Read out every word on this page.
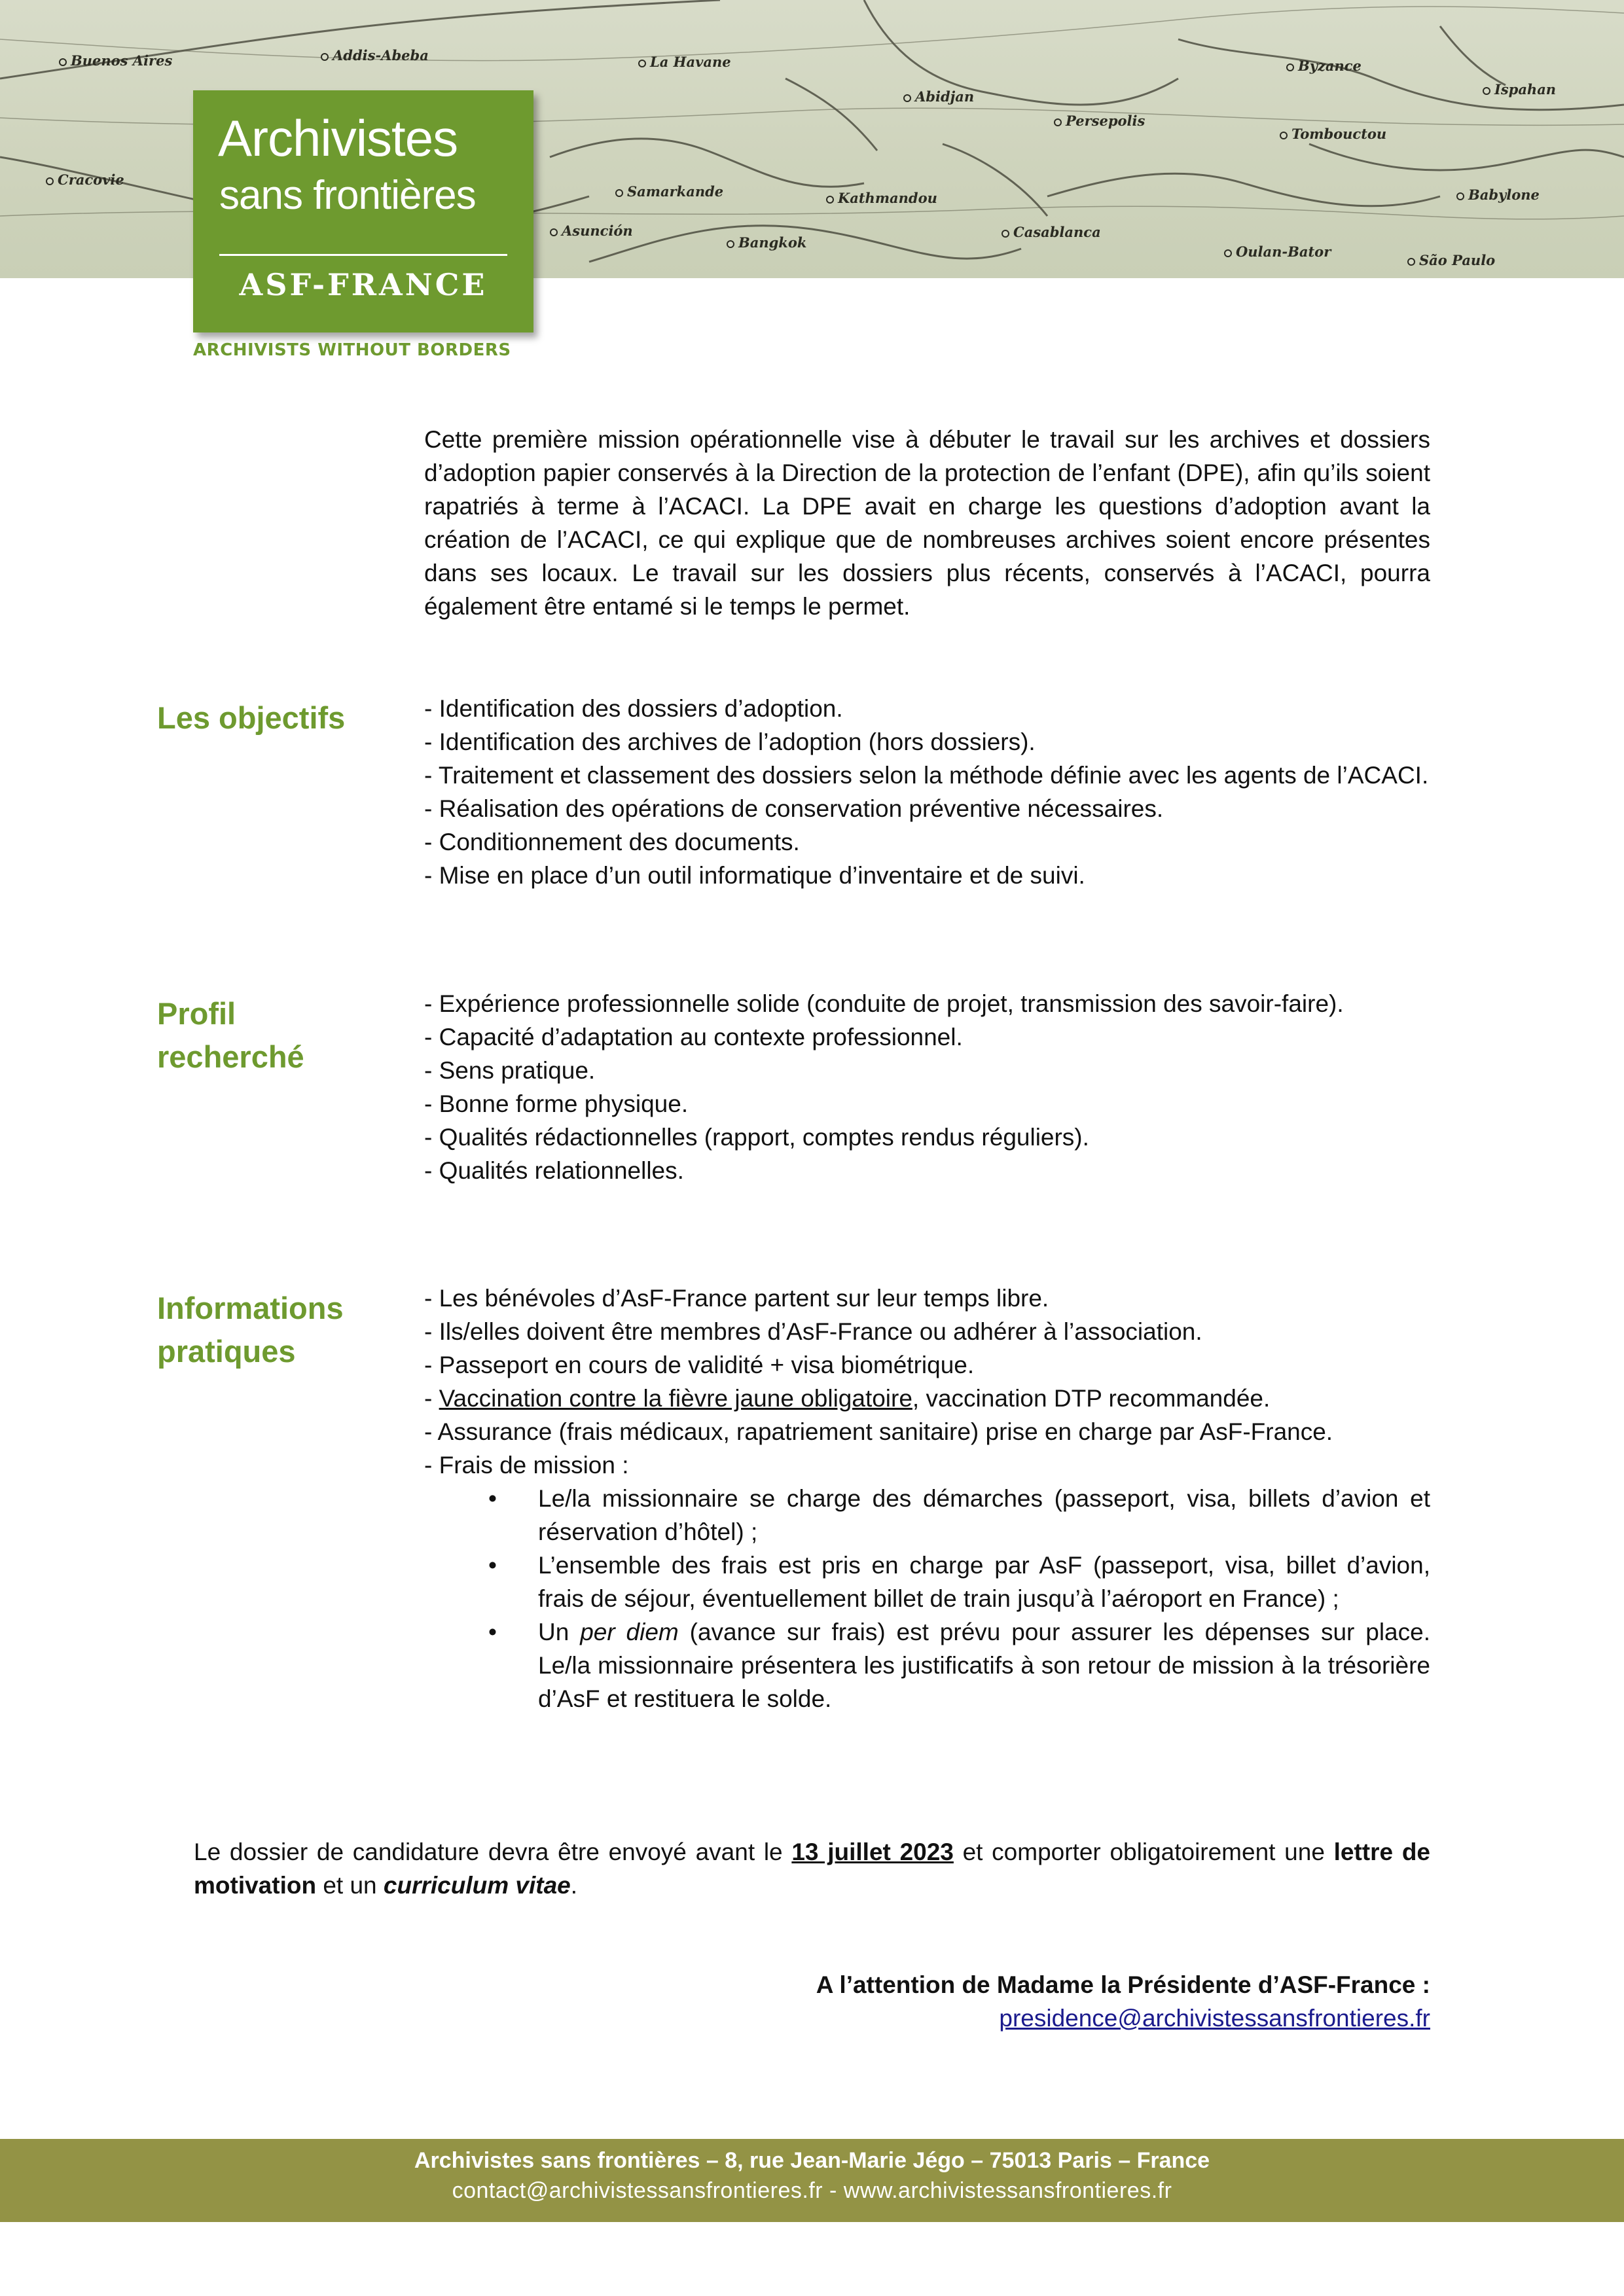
Buenos Aires	Addis-Abeba	La Havane
Abidjan
Byzance
Ispahan
Cracovie
Persepolis
Tombouctou
Samarkande	Kathmandou	Babylone
Asunción
Bangkok
Casablanca
Oulan-Bator
São Paulo
Archivistes
sans frontières
ASF-FRANCE
ARCHIVISTS WITHOUT BORDERS

Cette première mission opérationnelle vise à débuter le travail sur les archives et dossiers d’adoption papier conservés à la Direction de la protection de l’enfant (DPE), afin qu’ils soient rapatriés à terme à l’ACACI. La DPE avait en charge les questions d’adoption avant la création de l’ACACI, ce qui explique que de nombreuses archives soient encore présentes dans ses locaux. Le travail sur les dossiers plus récents, conservés à l’ACACI, pourra également être entamé si le temps le permet.

Les objectifs	- Identification des dossiers d’adoption.

- Identification des archives de l’adoption (hors dossiers).

- Traitement et classement des dossiers selon la méthode définie avec les agents de l’ACACI.

- Réalisation des opérations de conservation préventive nécessaires.

- Conditionnement des documents.

- Mise en place d’un outil informatique d’inventaire et de suivi.

Profil
recherché

- Expérience professionnelle solide (conduite de projet, transmission des savoir-faire).

- Capacité d’adaptation au contexte professionnel.

- Sens pratique.

- Bonne forme physique.

- Qualités rédactionnelles (rapport, comptes rendus réguliers).

- Qualités relationnelles.

Informations
pratiques

- Les bénévoles d’AsF-France partent sur leur temps libre.

- Ils/elles doivent être membres d’AsF-France ou adhérer à l’association.

- Passeport en cours de validité + visa biométrique.

- Vaccination contre la fièvre jaune obligatoire, vaccination DTP recommandée.

- Assurance (frais médicaux, rapatriement sanitaire) prise en charge par AsF-France.

- Frais de mission :

• Le/la missionnaire se charge des démarches (passeport, visa, billets d’avion et réservation d’hôtel) ;
• L’ensemble des frais est pris en charge par AsF (passeport, visa, billet d’avion, frais de séjour, éventuellement billet de train jusqu’à l’aéroport en France) ;
• Un per diem (avance sur frais) est prévu pour assurer les dépenses sur place. Le/la missionnaire présentera les justificatifs à son retour de mission à la trésorière d’AsF et restituera le solde.

Le dossier de candidature devra être envoyé avant le 13 juillet 2023 et comporter obligatoirement une lettre de motivation et un curriculum vitae.

A l’attention de Madame la Présidente d’ASF-France :
presidence@archivistessansfrontieres.fr
Archivistes sans frontières – 8, rue Jean-Marie Jégo – 75013 Paris – France
contact@archivistessansfrontieres.fr - www.archivistessansfrontieres.fr
